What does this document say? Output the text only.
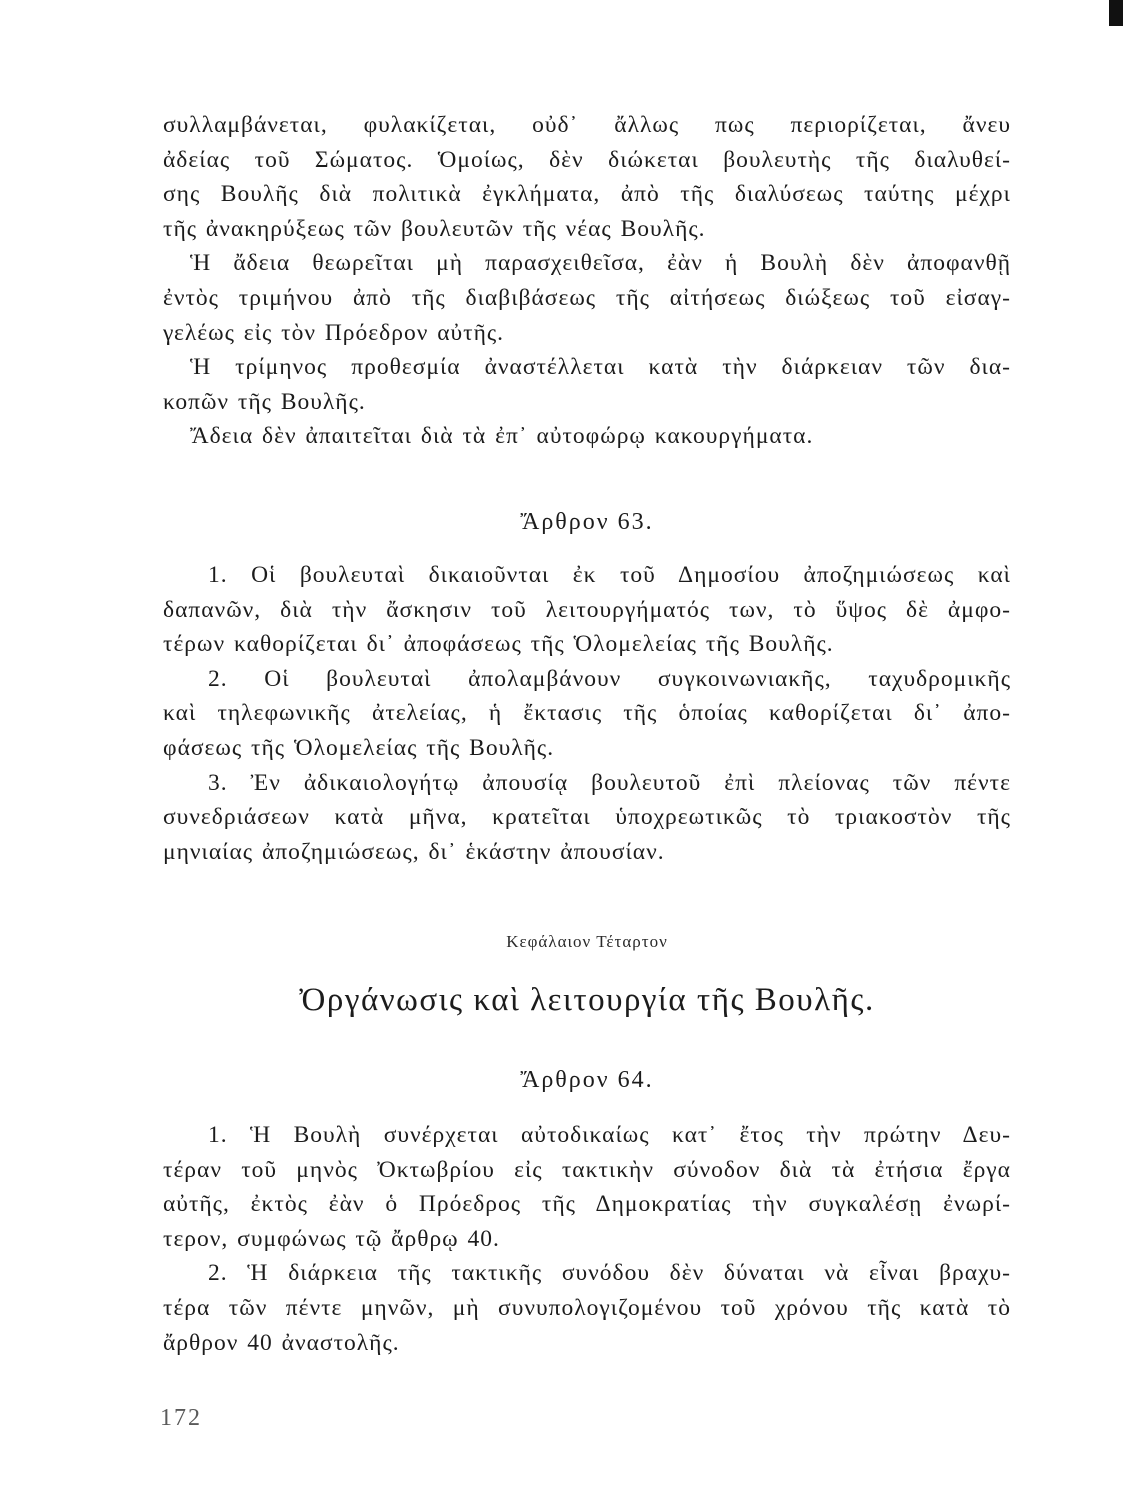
συλλαμβάνεται, φυλακίζεται, οὐδ᾽ ἄλλως πως περιορίζεται, ἄνευ
ἀδείας τοῦ Σώματος. Ὁμοίως, δὲν διώκεται βουλευτὴς τῆς διαλυθεί-
σης Βουλῆς διὰ πολιτικὰ ἐγκλήματα, ἀπὸ τῆς διαλύσεως ταύτης μέχρι
τῆς ἀνακηρύξεως τῶν βουλευτῶν τῆς νέας Βουλῆς.
Ἡ ἄδεια θεωρεῖται μὴ παρασχειθεῖσα, ἐὰν ἡ Βουλὴ δὲν ἀποφανθῇ
ἐντὸς τριμήνου ἀπὸ τῆς διαβιβάσεως τῆς αἰτήσεως διώξεως τοῦ εἰσαγ-
γελέως εἰς τὸν Πρόεδρον αὐτῆς.
Ἡ τρίμηνος προθεσμία ἀναστέλλεται κατὰ τὴν διάρκειαν τῶν δια-
κοπῶν τῆς Βουλῆς.
Ἄδεια δὲν ἀπαιτεῖται διὰ τὰ ἐπ᾽ αὐτοφώρῳ κακουργήματα.
Ἄρθρον 63.
1. Οἱ βουλευταὶ δικαιοῦνται ἐκ τοῦ Δημοσίου ἀποζημιώσεως καὶ
δαπανῶν, διὰ τὴν ἄσκησιν τοῦ λειτουργήματός των, τὸ ὕψος δὲ ἀμφο-
τέρων καθορίζεται δι᾽ ἀποφάσεως τῆς Ὁλομελείας τῆς Βουλῆς.
2. Οἱ βουλευταὶ ἀπολαμβάνουν συγκοινωνιακῆς, ταχυδρομικῆς
καὶ τηλεφωνικῆς ἀτελείας, ἡ ἔκτασις τῆς ὁποίας καθορίζεται δι᾽ ἀπο-
φάσεως τῆς Ὁλομελείας τῆς Βουλῆς.
3. Ἐν ἀδικαιολογήτῳ ἀπουσίᾳ βουλευτοῦ ἐπὶ πλείονας τῶν πέντε
συνεδριάσεων κατὰ μῆνα, κρατεῖται ὑποχρεωτικῶς τὸ τριακοστὸν τῆς
μηνιαίας ἀποζημιώσεως, δι᾽ ἑκάστην ἀπουσίαν.
Κεφάλαιον Τέταρτον
Ὀργάνωσις καὶ λειτουργία τῆς Βουλῆς.
Ἄρθρον 64.
1. Ἡ Βουλὴ συνέρχεται αὐτοδικαίως κατ᾽ ἔτος τὴν πρώτην Δευ-
τέραν τοῦ μηνὸς Ὀκτωβρίου εἰς τακτικὴν σύνοδον διὰ τὰ ἐτήσια ἔργα
αὐτῆς, ἐκτὸς ἐὰν ὁ Πρόεδρος τῆς Δημοκρατίας τὴν συγκαλέσῃ ἐνωρί-
τερον, συμφώνως τῷ ἄρθρῳ 40.
2. Ἡ διάρκεια τῆς τακτικῆς συνόδου δὲν δύναται νὰ εἶναι βραχυ-
τέρα τῶν πέντε μηνῶν, μὴ συνυπολογιζομένου τοῦ χρόνου τῆς κατὰ τὸ
ἄρθρον 40 ἀναστολῆς.
172
